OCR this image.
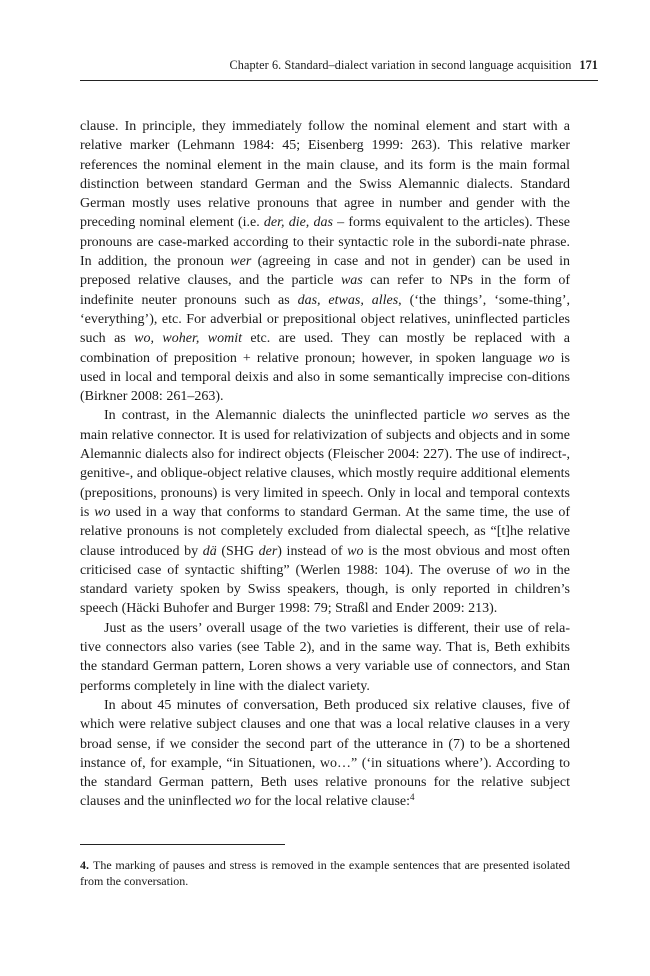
Chapter 6. Standard–dialect variation in second language acquisition 171

clause. In principle, they immediately follow the nominal element and start with a relative marker (Lehmann 1984: 45; Eisenberg 1999: 263). This relative marker references the nominal element in the main clause, and its form is the main formal distinction between standard German and the Swiss Alemannic dialects. Standard German mostly uses relative pronouns that agree in number and gender with the preceding nominal element (i.e. der, die, das – forms equivalent to the articles). These pronouns are case-marked according to their syntactic role in the subordi-nate phrase. In addition, the pronoun wer (agreeing in case and not in gender) can be used in preposed relative clauses, and the particle was can refer to NPs in the form of indefinite neuter pronouns such as das, etwas, alles, (‘the things’, ‘some-thing’, ‘everything’), etc. For adverbial or prepositional object relatives, uninflected particles such as wo, woher, womit etc. are used. They can mostly be replaced with a combination of preposition + relative pronoun; however, in spoken language wo is used in local and temporal deixis and also in some semantically imprecise con-ditions (Birkner 2008: 261–263).

In contrast, in the Alemannic dialects the uninflected particle wo serves as the main relative connector. It is used for relativization of subjects and objects and in some Alemannic dialects also for indirect objects (Fleischer 2004: 227). The use of indirect-, genitive-, and oblique-object relative clauses, which mostly require additional elements (prepositions, pronouns) is very limited in speech. Only in local and temporal contexts is wo used in a way that conforms to standard German. At the same time, the use of relative pronouns is not completely excluded from dialectal speech, as “[t]he relative clause introduced by dä (SHG der) instead of wo is the most obvious and most often criticised case of syntactic shifting” (Werlen 1988: 104). The overuse of wo in the standard variety spoken by Swiss speakers, though, is only reported in children’s speech (Häcki Buhofer and Burger 1998: 79; Straßl and Ender 2009: 213).

Just as the users’ overall usage of the two varieties is different, their use of rela-tive connectors also varies (see Table 2), and in the same way. That is, Beth exhibits the standard German pattern, Loren shows a very variable use of connectors, and Stan performs completely in line with the dialect variety.

In about 45 minutes of conversation, Beth produced six relative clauses, five of which were relative subject clauses and one that was a local relative clauses in a very broad sense, if we consider the second part of the utterance in (7) to be a shortened instance of, for example, “in Situationen, wo…” (‘in situations where’). According to the standard German pattern, Beth uses relative pronouns for the relative subject clauses and the uninflected wo for the local relative clause:$^4$

4. The marking of pauses and stress is removed in the example sentences that are presented isolated from the conversation.
